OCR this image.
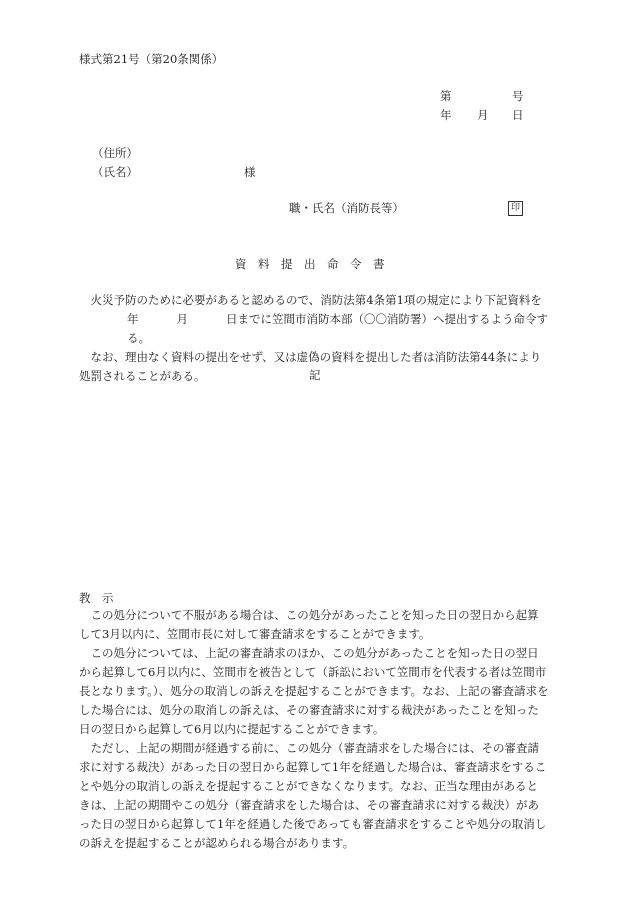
様式第21号（第20条関係）
第	号
年 月 日
（住所）
（氏名）	様
職・氏名（消防長等）	印
資　料　提　出　命　令　書

火災予防のために必要があると認めるので、消防法第4条第1項の規定により下記資料を

年	月	日までに笠間市消防本部（〇〇消防署）へ提出するよう命令する。

なお、理由なく資料の提出をせず、又は虚偽の資料を提出した者は消防法第44条により処罰されることがある。	記
教　示

この処分について不服がある場合は、この処分があったことを知った日の翌日から起算して3月以内に、笠間市長に対して審査請求をすることができます。

この処分については、上記の審査請求のほか、この処分があったことを知った日の翌日から起算して6月以内に、笠間市を被告として（訴訟において笠間市を代表する者は笠間市長となります。）、処分の取消しの訴えを提起することができます。なお、上記の審査請求をした場合には、処分の取消しの訴えは、その審査請求に対する裁決があったことを知った日の翌日から起算して6月以内に提起することができます。

ただし、上記の期間が経過する前に、この処分（審査請求をした場合には、その審査請求に対する裁決）があった日の翌日から起算して1年を経過した場合は、審査請求をすることや処分の取消しの訴えを提起することができなくなります。なお、正当な理由があるときは、上記の期間やこの処分（審査請求をした場合は、その審査請求に対する裁決）があった日の翌日から起算して1年を経過した後であっても審査請求をすることや処分の取消しの訴えを提起することが認められる場合があります。
